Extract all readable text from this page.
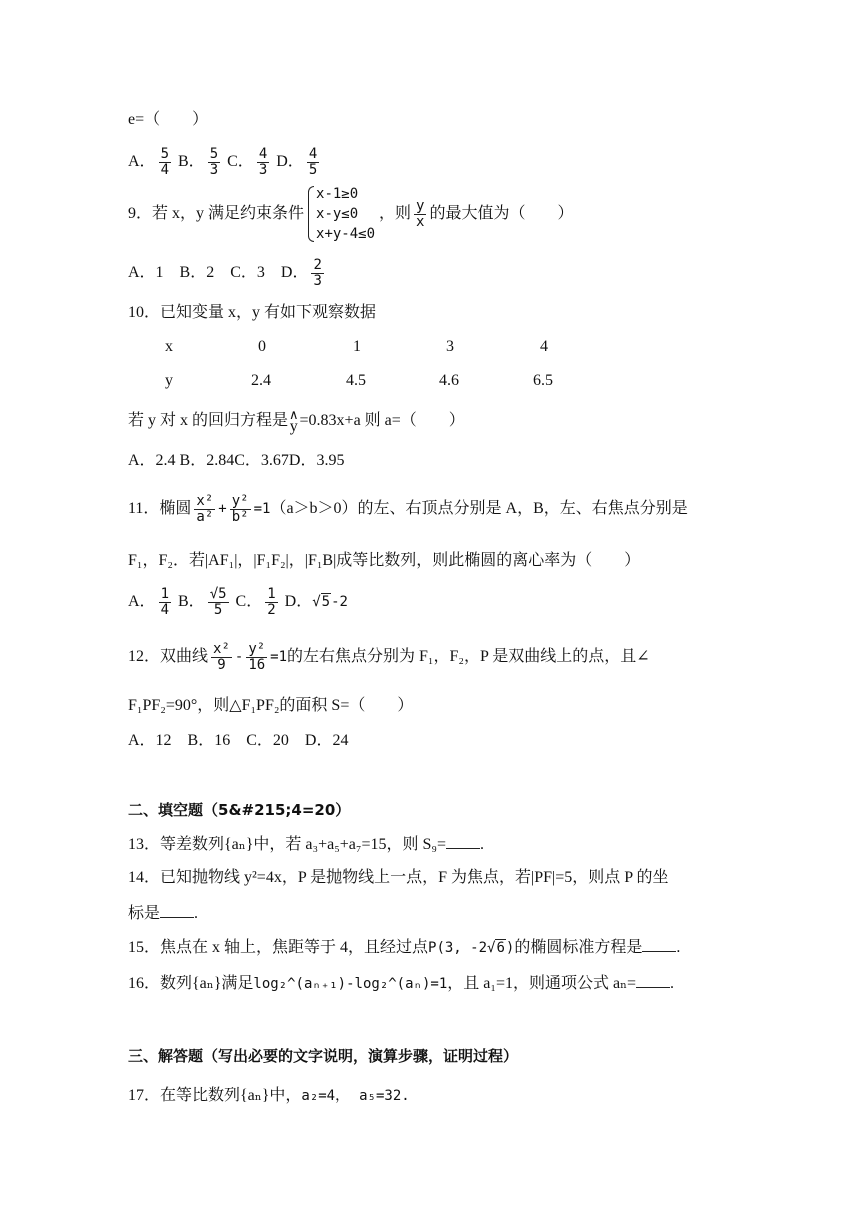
e=（　　）
A． $\frac{5}{4}$ B． $\frac{5}{3}$ C． $\frac{4}{3}$ D． $\frac{4}{5}$
9．若 x，y 满足约束条件
x-1≥0
x-y≤0
x+y-4≤0
，则 $\frac{y}{x}$ 的最大值为（　　）
A．1　B．2　C．3　D． $\frac{2}{3}$
10．已知变量 x，y 有如下观察数据
x	0	1	3	4
y	2.4	4.5	4.6	6.5
若 y 对 x 的回归方程是 ∧
y =0.83x+a 则 a=（　　）
A．2.4 B．2.84C．3.67D．3.95
11．椭圆 $\frac{\text{x²}}{\text{a²}} + \frac{\text{y²}}{\text{b²}} =1(a>b>0)$的左、右顶点分别是 A，B，左、右焦点分别是
F₁，F₂．若|AF₁|，|F₁F₂|，|F₁B|成等比数列，则此椭圆的离心率为（　　）
A． $\frac{1}{4}$ B． $\frac{√5}{5}$ C． $\frac{1}{2}$ D．√5-2
12．双曲线 $\frac{\text{x²}}{9} - \frac{\text{y²}}{16} =1$的左右焦点分别为 F₁，F₂，P 是双曲线上的点，且∠
F₁PF₂=90°，则△F₁PF₂的面积 S=（　　）
A．12　B．16　C．20　D．24
二、填空题（5&#215;4=20）
13．等差数列{aₙ}中，若 a₃+a₅+a₇=15，则 S₉= .
14．已知抛物线 y²=4x，P 是抛物线上一点，F 为焦点，若|PF|=5，则点 P 的坐
标是 .
15．焦点在 x 轴上，焦距等于 4，且经过点P(3, -2√6)的椭圆标准方程是 .
16．数列{aₙ}满足log₂^(aₙ₊₁)-log₂^(aₙ)=1，且 a₁=1，则通项公式 aₙ= .
三、解答题（写出必要的文字说明，演算步骤，证明过程）
17．在等比数列{aₙ}中，a₂=4， a₅=32.
